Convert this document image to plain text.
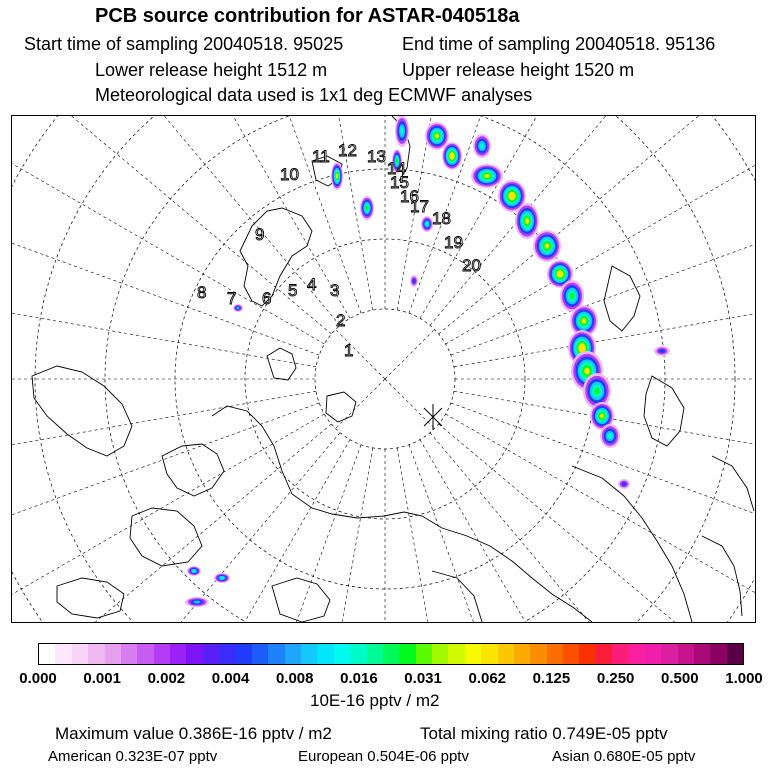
PCB source contribution for ASTAR-040518a
Start time of sampling 20040518. 95025	End time of sampling 20040518. 95136
Lower release height 1512 m	Upper release height 1520 m
Meteorological data used is 1x1 deg ECMWF analyses
1
2
3
4
5
6
7
8
9
10
11 12 13
14
15
16
17
18
19
20
0.000 0.001 0.002 0.004 0.008 0.016 0.031 0.062 0.125 0.250 0.500 1.000
10E-16 pptv / m2
Maximum value 0.386E-16 pptv / m2	Total mixing ratio 0.749E-05 pptv
American 0.323E-07 pptv	European 0.504E-06 pptv	Asian 0.680E-05 pptv
